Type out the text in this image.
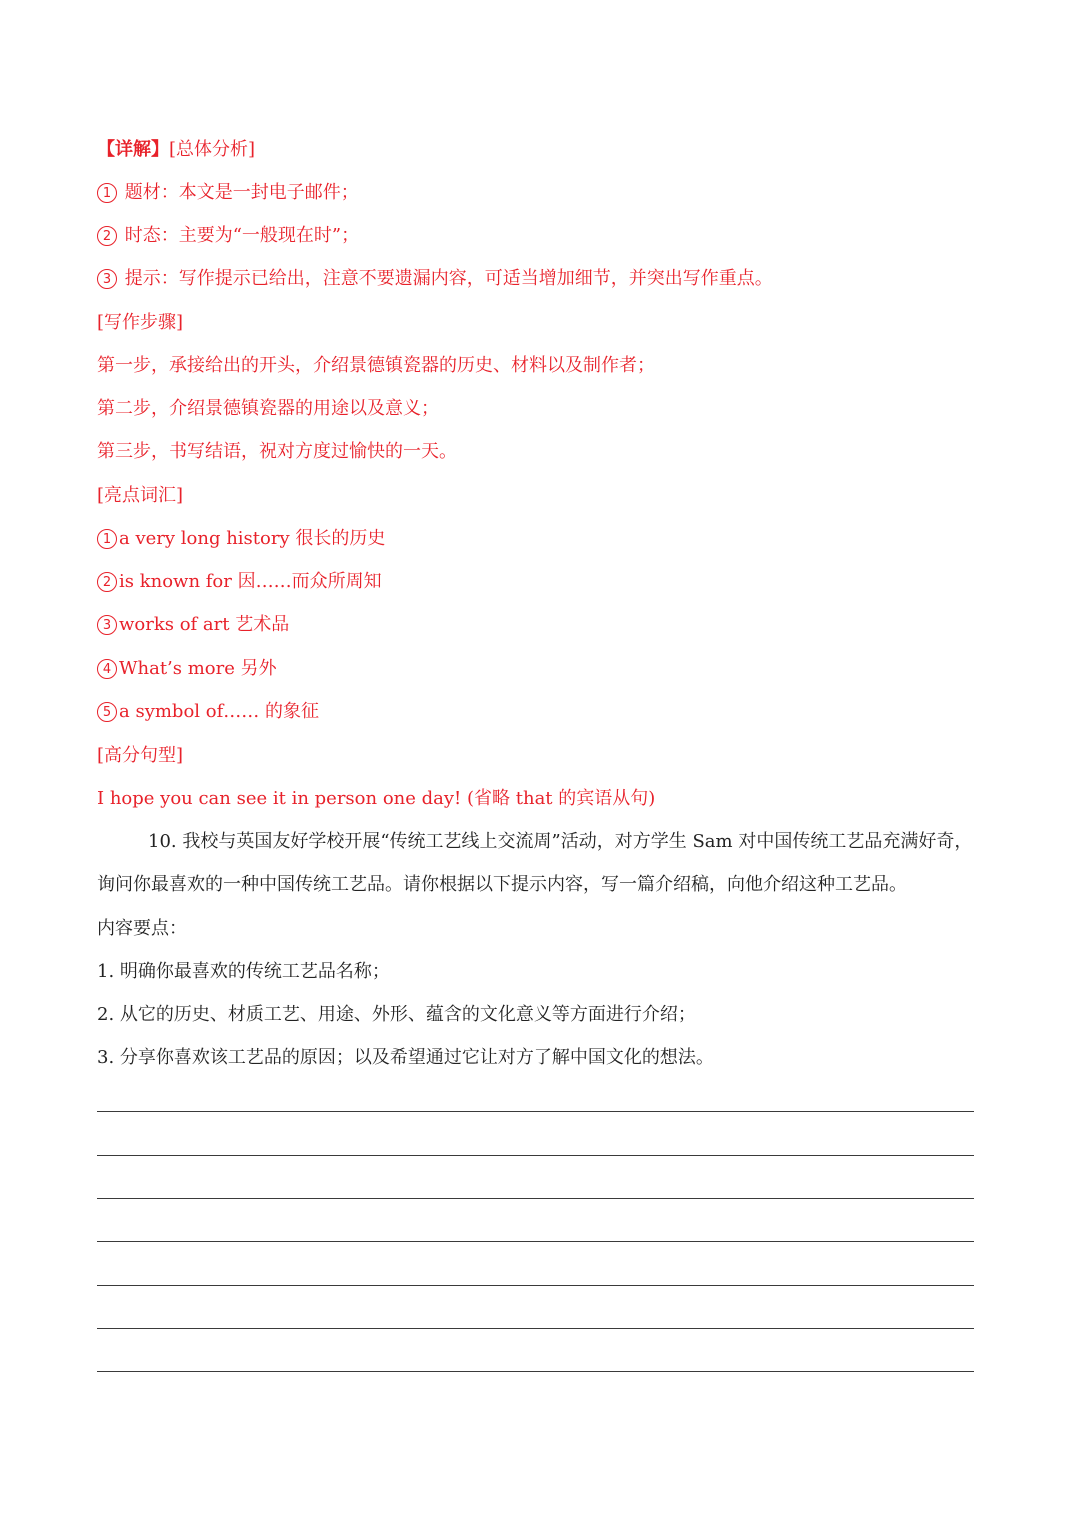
【详解】[总体分析]
1 题材：本文是一封电子邮件；
2 时态：主要为“一般现在时”；
3 提示：写作提示已给出，注意不要遗漏内容，可适当增加细节，并突出写作重点。
[写作步骤]
第一步，承接给出的开头，介绍景德镇瓷器的历史、材料以及制作者；
第二步，介绍景德镇瓷器的用途以及意义；
第三步，书写结语，祝对方度过愉快的一天。
[亮点词汇]
1 a very long history 很长的历史
2 is known for 因……而众所周知
3 works of art 艺术品
4 What’s more 另外
5 a symbol of…… 的象征
[高分句型]
I hope you can see it in person one day! (省略 that 的宾语从句)
10. 我校与英国友好学校开展“传统工艺线上交流周”活动，对方学生 Sam 对中国传统工艺品充满好奇，
询问你最喜欢的一种中国传统工艺品。请你根据以下提示内容，写一篇介绍稿，向他介绍这种工艺品。
内容要点：
1. 明确你最喜欢的传统工艺品名称；
2. 从它的历史、材质工艺、用途、外形、蕴含的文化意义等方面进行介绍；
3. 分享你喜欢该工艺品的原因；以及希望通过它让对方了解中国文化的想法。
